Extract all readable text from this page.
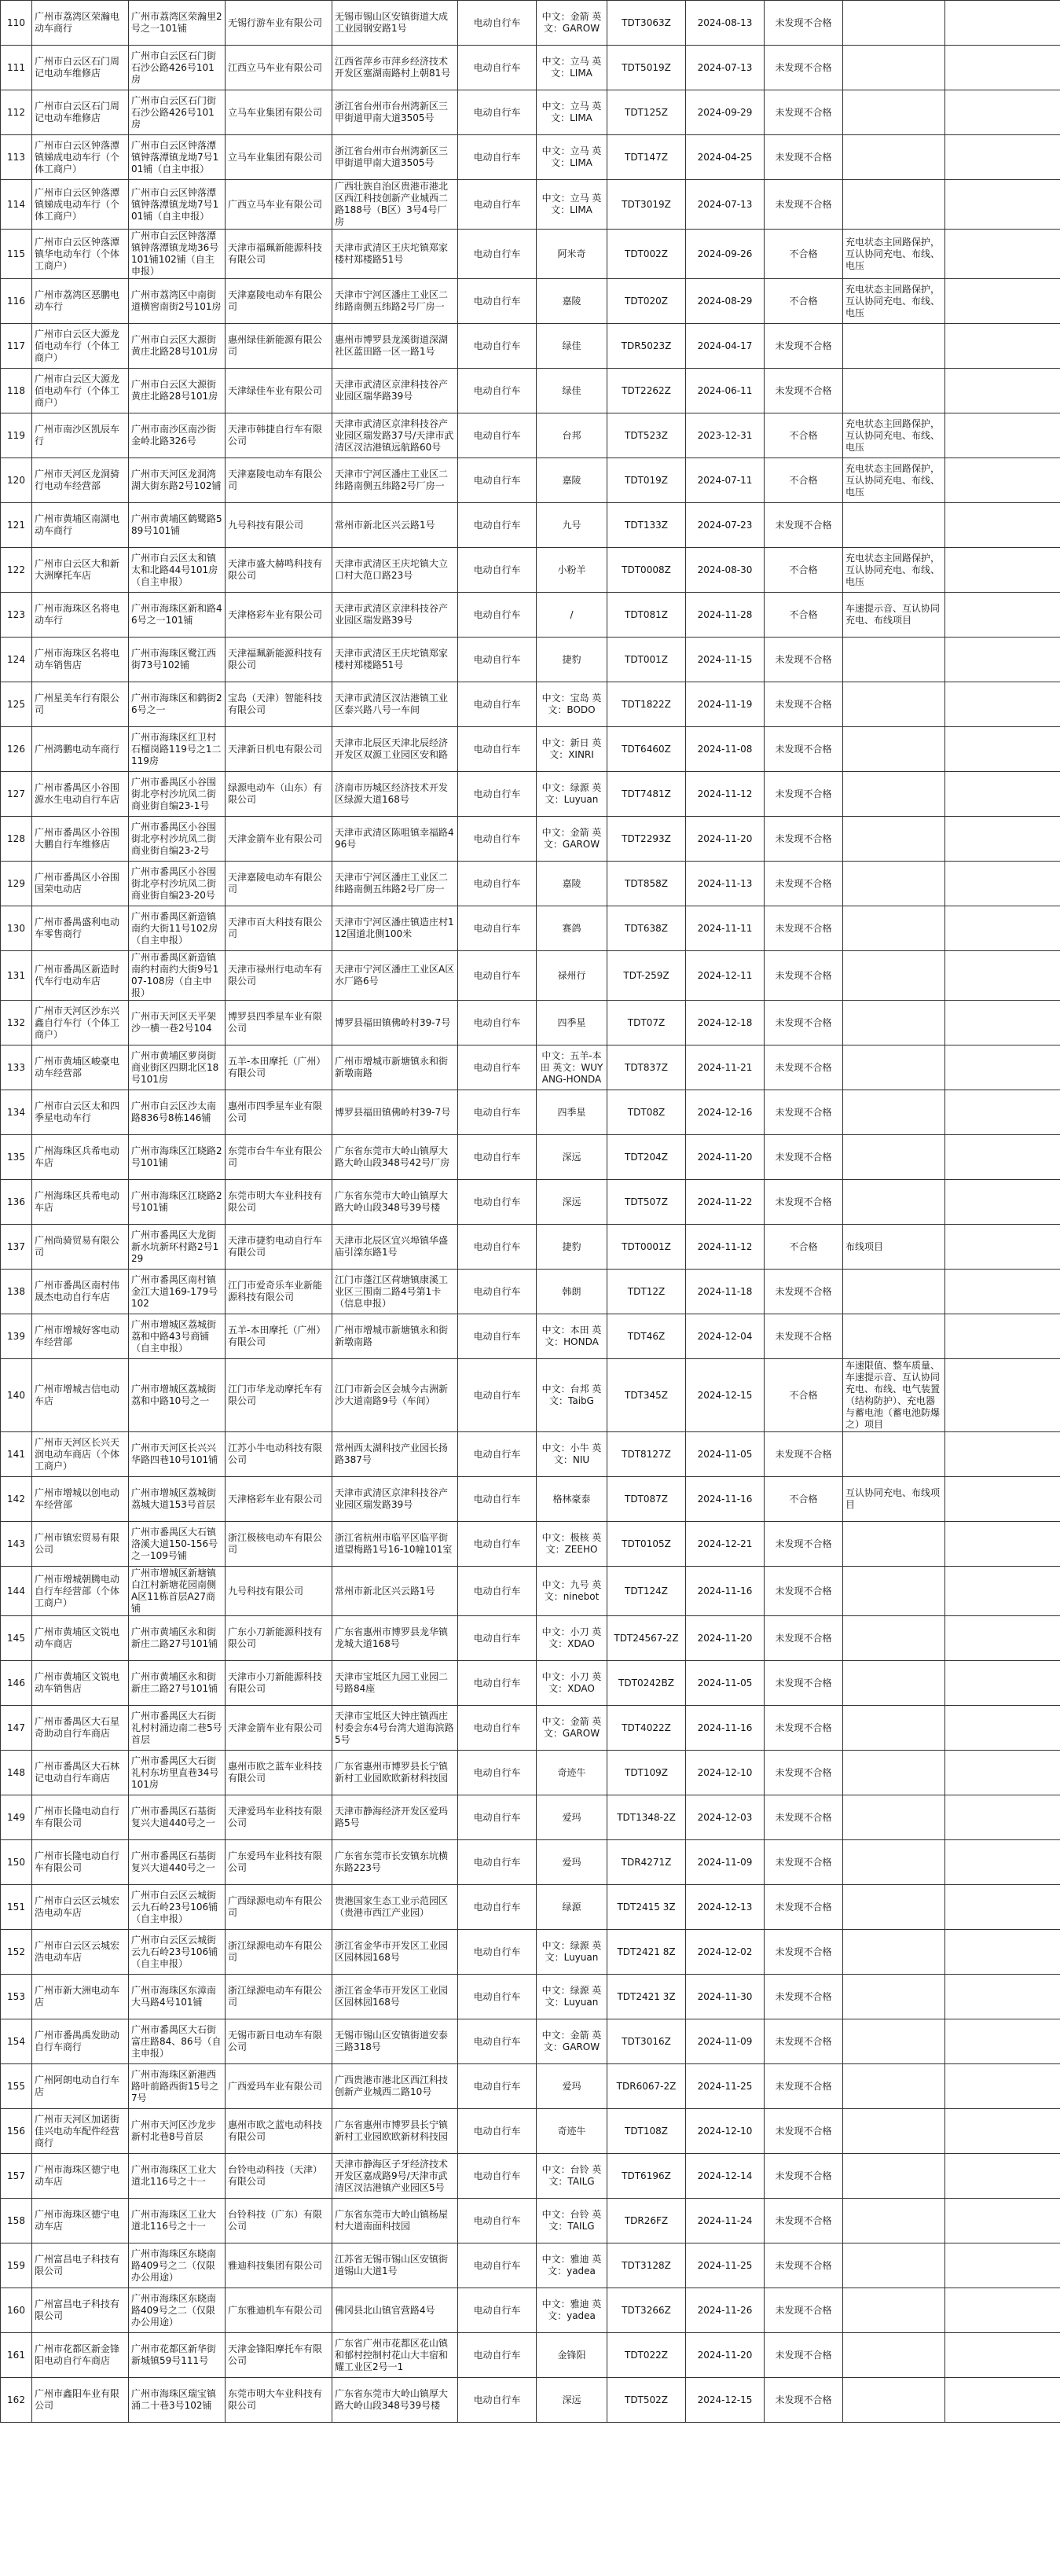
110	广州市荔湾区荣瀚电动车商行	广州市荔湾区荣瀚里2号之一101铺	无锡行游车业有限公司	无锡市锡山区安镇街道大成工业园钢安路1号	电动自行车	中文：金箭 英文：GAROW	TDT3063Z	2024-08-13	未发现不合格		
111	广州市白云区石门周记电动车维修店	广州市白云区石门街石沙公路426号101房	江西立马车业有限公司	江西省萍乡市萍乡经济技术开发区塞湖南路村上朝81号	电动自行车	中文：立马 英文：LIMA	TDT5019Z	2024-07-13	未发现不合格		
112	广州市白云区石门周记电动车维修店	广州市白云区石门街石沙公路426号101房	立马车业集团有限公司	浙江省台州市台州湾新区三甲街道甲南大道3505号	电动自行车	中文：立马 英文：LIMA	TDT125Z	2024-09-29	未发现不合格		
113	广州市白云区钟落潭镇娣成电动车行（个体工商户）	广州市白云区钟落潭镇钟落潭镇龙坳7号101铺（自主申报）	立马车业集团有限公司	浙江省台州市台州湾新区三甲街道甲南大道3505号	电动自行车	中文：立马 英文：LIMA	TDT147Z	2024-04-25	未发现不合格		
114	广州市白云区钟落潭镇娣成电动车行（个体工商户）	广州市白云区钟落潭镇钟落潭镇龙坳7号101铺（自主申报）	广西立马车业有限公司	广西壮族自治区贵港市港北区西江科技创新产业城西二路188号（B区）3号4号厂房	电动自行车	中文：立马 英文：LIMA	TDT3019Z	2024-07-13	未发现不合格		
115	广州市白云区钟落潭镇华电动车行（个体工商户）	广州市白云区钟落潭镇钟落潭镇龙坳36号101铺102铺（自主申报）	天津市福珮新能源科技有限公司	天津市武清区王庆坨镇郑家楼村郑楼路51号	电动自行车	阿米奇	TDT002Z	2024-09-26	不合格	充电状态主回路保护，互认协同充电、布线、电压	
116	广州市荔湾区恶鹏电动车行	广州市荔湾区中南街道横窖南街2号101房	天津嘉陵电动车有限公司	天津市宁河区潘庄工业区二纬路南侧五纬路2号厂房一	电动自行车	嘉陵	TDT020Z	2024-08-29	不合格	充电状态主回路保护，互认协同充电、布线、电压	
117	广州市白云区大源龙佰电动车行（个体工商户）	广州市白云区大源街黄庄北路28号101房	惠州绿佳新能源有限公司	惠州市博罗县龙溪街道深湖社区蓝田路一区一路1号	电动自行车	绿佳	TDR5023Z	2024-04-17	未发现不合格		
118	广州市白云区大源龙佰电动车行（个体工商户）	广州市白云区大源街黄庄北路28号101房	天津绿佳车业有限公司	天津市武清区京津科技谷产业园区瑞华路39号	电动自行车	绿佳	TDT2262Z	2024-06-11	未发现不合格		
119	广州市南沙区凯辰车行	广州市南沙区南沙街金岭北路326号	天津市韩捷自行车有限公司	天津市武清区京津科技谷产业园区瑞发路37号/天津市武清区汊沽港镇远航路60号	电动自行车	台邦	TDT523Z	2023-12-31	不合格	充电状态主回路保护，互认协同充电、布线、电压	
120	广州市天河区龙洞骑行电动车经营部	广州市天河区龙洞湾湖大街东路2号102铺	天津嘉陵电动车有限公司	天津市宁河区潘庄工业区二纬路南侧五纬路2号厂房一	电动自行车	嘉陵	TDT019Z	2024-07-11	不合格	充电状态主回路保护，互认协同充电、布线、电压	
121	广州市黄埔区南湖电动车商行	广州市黄埔区鹤鹭路589号101铺	九号科技有限公司	常州市新北区兴云路1号	电动自行车	九号	TDT133Z	2024-07-23	未发现不合格		
122	广州市白云区大和新大洲摩托车店	广州市白云区太和镇太和北路44号101房（自主申报）	天津市盛大赫鸣科技有限公司	天津市武清区王庆坨镇大立口村大范口路23号	电动自行车	小粉羊	TDT0008Z	2024-08-30	不合格	充电状态主回路保护，互认协同充电、布线、电压	
123	广州市海珠区名将电动车行	广州市海珠区新和路46号之一101铺	天津格彩车业有限公司	天津市武清区京津科技谷产业园区瑞发路39号	电动自行车	/	TDT081Z	2024-11-28	不合格	车速提示音、互认协同充电、布线项目	
124	广州市海珠区名将电动车销售店	广州市海珠区鹭江西街73号102铺	天津福珮新能源科技有限公司	天津市武清区王庆坨镇郑家楼村郑楼路51号	电动自行车	捷豹	TDT001Z	2024-11-15	未发现不合格		
125	广州星美车行有限公司	广州市海珠区和鹤街26号之一	宝岛（天津）智能科技有限公司	天津市武清区汊沽港镇工业区泰兴路八号一车间	电动自行车	中文：宝岛 英文：BODO	TDT1822Z	2024-11-19	未发现不合格		
126	广州鸿鹏电动车商行	广州市海珠区红卫村石榴岗路119号之1二119房	天津新日机电有限公司	天津市北辰区天津北辰经济开发区双源工业园区安和路	电动自行车	中文：新日 英文：XINRI	TDT6460Z	2024-11-08	未发现不合格		
127	广州市番禺区小谷围源水生电动自行车店	广州市番禺区小谷围街北亭村沙坑凤二街商业街自编23-1号	绿源电动车（山东）有限公司	济南市历城区经济技术开发区绿源大道168号	电动自行车	中文：绿源 英文：Luyuan	TDT7481Z	2024-11-12	未发现不合格		
128	广州市番禺区小谷围大鹏自行车维修店	广州市番禺区小谷围街北亭村沙坑凤二街商业街自编23-2号	天津金箭车业有限公司	天津市武清区陈咀镇幸福路496号	电动自行车	中文：金箭 英文：GAROW	TDT2293Z	2024-11-20	未发现不合格		
129	广州市番禺区小谷围国荣电动店	广州市番禺区小谷围街北亭村沙坑凤二街商业街自编23-20号	天津嘉陵电动车有限公司	天津市宁河区潘庄工业区二纬路南侧五纬路2号厂房一	电动自行车	嘉陵	TDT858Z	2024-11-13	未发现不合格		
130	广州市番禺盛利电动车零售商行	广州市番禺区新造镇南约大街11号102房（自主申报）	天津市百大科技有限公司	天津市宁河区潘庄镇造庄村112国道北侧100米	电动自行车	赛鸽	TDT638Z	2024-11-11	未发现不合格		
131	广州市番禺区新造时代车行电动车店	广州市番禺区新造镇南约村南约大街9号107-108房（自主申报）	天津市禄州行电动车有限公司	天津市宁河区潘庄工业区A区水厂路6号	电动自行车	禄州行	TDT-259Z	2024-12-11	未发现不合格		
132	广州市天河区沙东兴鑫自行车行（个体工商户）	广州市天河区天平架沙一横一巷2号104	博罗县四季星车业有限公司	博罗县福田镇佛岭村39-7号	电动自行车	四季星	TDT07Z	2024-12-18	未发现不合格		
133	广州市黄埔区峻豪电动车经营部	广州市黄埔区萝岗街商业街区四期北区18号101房	五羊-本田摩托（广州）有限公司	广州市增城市新塘镇永和街新墩南路	电动自行车	中文：五羊-本田 英文：WUYANG-HONDA	TDT837Z	2024-11-21	未发现不合格		
134	广州市白云区太和四季星电动车行	广州市白云区沙太南路836号8栋146铺	惠州市四季星车业有限公司	博罗县福田镇佛岭村39-7号	电动自行车	四季星	TDT08Z	2024-12-16	未发现不合格		
135	广州海珠区兵希电动车店	广州市海珠区江晓路2号101铺	东莞市台牛车业有限公司	广东省东莞市大岭山镇厚大路大岭山段348号42号厂房	电动自行车	深远	TDT204Z	2024-11-20	未发现不合格		
136	广州海珠区兵希电动车店	广州市海珠区江晓路2号101铺	东莞市明大车业科技有限公司	广东省东莞市大岭山镇厚大路大岭山段348号39号楼	电动自行车	深远	TDT507Z	2024-11-22	未发现不合格		
137	广州尚骑贸易有限公司	广州市番禺区大龙街新水坑新环村路2号129	天津市捷豹电动自行车有限公司	天津市北辰区宜兴埠镇华盛庙引滦东路1号	电动自行车	捷豹	TDT0001Z	2024-11-12	不合格	布线项目	
138	广州市番禺区南村伟晟杰电动自行车店	广州市番禺区南村镇金江大道169-179号102	江门市爱奇乐车业新能源科技有限公司	江门市蓬江区荷塘镇康溪工业区三围南二路4号第1卡（信息申报）	电动自行车	韩朗	TDT12Z	2024-11-18	未发现不合格		
139	广州市增城好客电动车经营部	广州市增城区荔城街荔和中路43号商铺（自主申报）	五羊-本田摩托（广州）有限公司	广州市增城市新塘镇永和街新墩南路	电动自行车	中文：本田 英文：HONDA	TDT46Z	2024-12-04	未发现不合格		
140	广州市增城吉信电动车店	广州市增城区荔城街荔和中路10号之一	江门市华龙动摩托车有限公司	江门市新会区会城今古洲新沙大道南路9号（车间）	电动自行车	中文：台邦 英文：TaibG	TDT345Z	2024-12-15	不合格	车速限值、整车质量、车速提示音、互认协同充电、布线、电气装置（结构防护）、充电器与蓄电池（蓄电池防爆之）项目	
141	广州市天河区长兴天润电动车商店（个体工商户）	广州市天河区长兴兴华路四巷10号101铺	江苏小牛电动科技有限公司	常州西太湖科技产业园长扬路387号	电动自行车	中文：小牛 英文：NIU	TDT8127Z	2024-11-05	未发现不合格		
142	广州市增城以创电动车经营部	广州市增城区荔城街荔城大道153号首层	天津格彩车业有限公司	天津市武清区京津科技谷产业园区瑞发路39号	电动自行车	格林豪泰	TDT087Z	2024-11-16	不合格	互认协同充电、布线项目	
143	广州市镇宏贸易有限公司	广州市番禺区大石镇洛溪大道150-156号之一109号铺	浙江极核电动车有限公司	浙江省杭州市临平区临平街道望梅路1号16-10幢101室	电动自行车	中文：极核 英文：ZEEHO	TDT0105Z	2024-12-21	未发现不合格		
144	广州市增城朝腾电动自行车经营部（个体工商户）	广州市增城区新塘镇白江村新塘花园南侧A区11栋首层A27商铺	九号科技有限公司	常州市新北区兴云路1号	电动自行车	中文：九号 英文：ninebot	TDT124Z	2024-11-16	未发现不合格		
145	广州市黄埔区文锐电动车商店	广州市黄埔区永和街新庄二路27号101铺	广东小刀新能源科技有限公司	广东省惠州市博罗县龙华镇龙城大道168号	电动自行车	中文：小刀 英文：XDAO	TDT24567-2Z	2024-11-20	未发现不合格		
146	广州市黄埔区文锐电动车销售店	广州市黄埔区永和街新庄二路27号101铺	天津市小刀新能源科技有限公司	天津市宝坻区九园工业园二号路84座	电动自行车	中文：小刀 英文：XDAO	TDT0242BZ	2024-11-05	未发现不合格		
147	广州市番禺区大石星奇助动自行车商店	广州市番禺区大石街礼村村涌边南二巷5号首层	天津金箭车业有限公司	天津市宝坻区大钟庄镇西庄村委会东4号台湾大道海滨路5号	电动自行车	中文：金箭 英文：GAROW	TDT4022Z	2024-11-16	未发现不合格		
148	广州市番禺区大石林记电动自行车商店	广州市番禺区大石街礼村东坊里直巷34号101房	惠州市欧之蓝车业科技有限公司	广东省惠州市博罗县长宁镇新村工业园欧欧新材科技园	电动自行车	奇迹牛	TDT109Z	2024-12-10	未发现不合格		
149	广州市长隆电动自行车有限公司	广州市番禺区石基街复兴大道440号之一	天津爱玛车业科技有限公司	天津市静海经济开发区爱玛路5号	电动自行车	爱玛	TDT1348-2Z	2024-12-03	未发现不合格		
150	广州市长隆电动自行车有限公司	广州市番禺区石基街复兴大道440号之一	广东爱玛车业科技有限公司	广东省东莞市长安镇东坑横东路223号	电动自行车	爱玛	TDR4271Z	2024-11-09	未发现不合格		
151	广州市白云区云城宏浩电动车店	广州市白云区云城街云九石岭23号106铺（自主申报）	广西绿源电动车有限公司	贵港国家生态工业示范园区（贵港市西江产业园）	电动自行车	绿源	TDT2415 3Z	2024-12-13	未发现不合格		
152	广州市白云区云城宏浩电动车店	广州市白云区云城街云九石岭23号106铺（自主申报）	浙江绿源电动车有限公司	浙江省金华市开发区工业园区园林园168号	电动自行车	中文：绿源 英文：Luyuan	TDT2421 8Z	2024-12-02	未发现不合格		
153	广州市新大洲电动车店	广州市海珠区东漳南大马路4号101铺	浙江绿源电动车有限公司	浙江省金华市开发区工业园区园林园168号	电动自行车	中文：绿源 英文：Luyuan	TDT2421 3Z	2024-11-30	未发现不合格		
154	广州市番禺禹发助动自行车商行	广州市番禺区大石街富庄路84、86号（自主申报）	无锡市新日电动车有限公司	无锡市锡山区安镇街道安泰三路318号	电动自行车	中文：金箭 英文：GAROW	TDT3016Z	2024-11-09	未发现不合格		
155	广州阿朗电动自行车店	广州市海珠区新港西路叶前路西街15号之7号	广西爱玛车业有限公司	广西贵港市港北区西江科技创新产业城西二路10号	电动自行车	爱玛	TDR6067-2Z	2024-11-25	未发现不合格		
156	广州市天河区加诺街佳兴电动车配件经营商行	广州市天河区沙龙步新村北巷8号首层	惠州市欧之蓝电动科技有限公司	广东省惠州市博罗县长宁镇新村工业园欧欧新材科技园	电动自行车	奇迹牛	TDT108Z	2024-12-10	未发现不合格		
157	广州市海珠区德宁电动车店	广州市海珠区工业大道北116号之十一	台铃电动科技（天津）有限公司	天津市静海区子牙经济技术开发区嘉成路9号/天津市武清区汊沽港镇产业园区5号	电动自行车	中文：台铃 英文：TAILG	TDT6196Z	2024-12-14	未发现不合格		
158	广州市海珠区德宁电动车店	广州市海珠区工业大道北116号之十一	台铃科技（广东）有限公司	广东省东莞市大岭山镇杨屋村大道南面科技园	电动自行车	中文：台铃 英文：TAILG	TDR26FZ	2024-11-24	未发现不合格		
159	广州富昌电子科技有限公司	广州市海珠区东晓南路409号之二（仅限办公用途）	雅迪科技集团有限公司	江苏省无锡市锡山区安镇街道锡山大道1号	电动自行车	中文：雅迪 英文：yadea	TDT3128Z	2024-11-25	未发现不合格		
160	广州富昌电子科技有限公司	广州市海珠区东晓南路409号之二（仅限办公用途）	广东雅迪机车有限公司	佛冈县北山镇官营路4号	电动自行车	中文：雅迪 英文：yadea	TDT3266Z	2024-11-26	未发现不合格		
161	广州市花都区新金锋阳电动自行车商店	广州市花都区新华街新城镇59号111号	天津金锋阳摩托车有限公司	广东省广州市花都区花山镇和郁村控制村花山大丰宿和耀工业区2号一1	电动自行车	金锋阳	TDT022Z	2024-11-20	未发现不合格		
162	广州市鑫阳车业有限公司	广州市海珠区瑞宝镇涌二十巷3号102铺	东莞市明大车业科技有限公司	广东省东莞市大岭山镇厚大路大岭山段348号39号楼	电动自行车	深远	TDT502Z	2024-12-15	未发现不合格		
